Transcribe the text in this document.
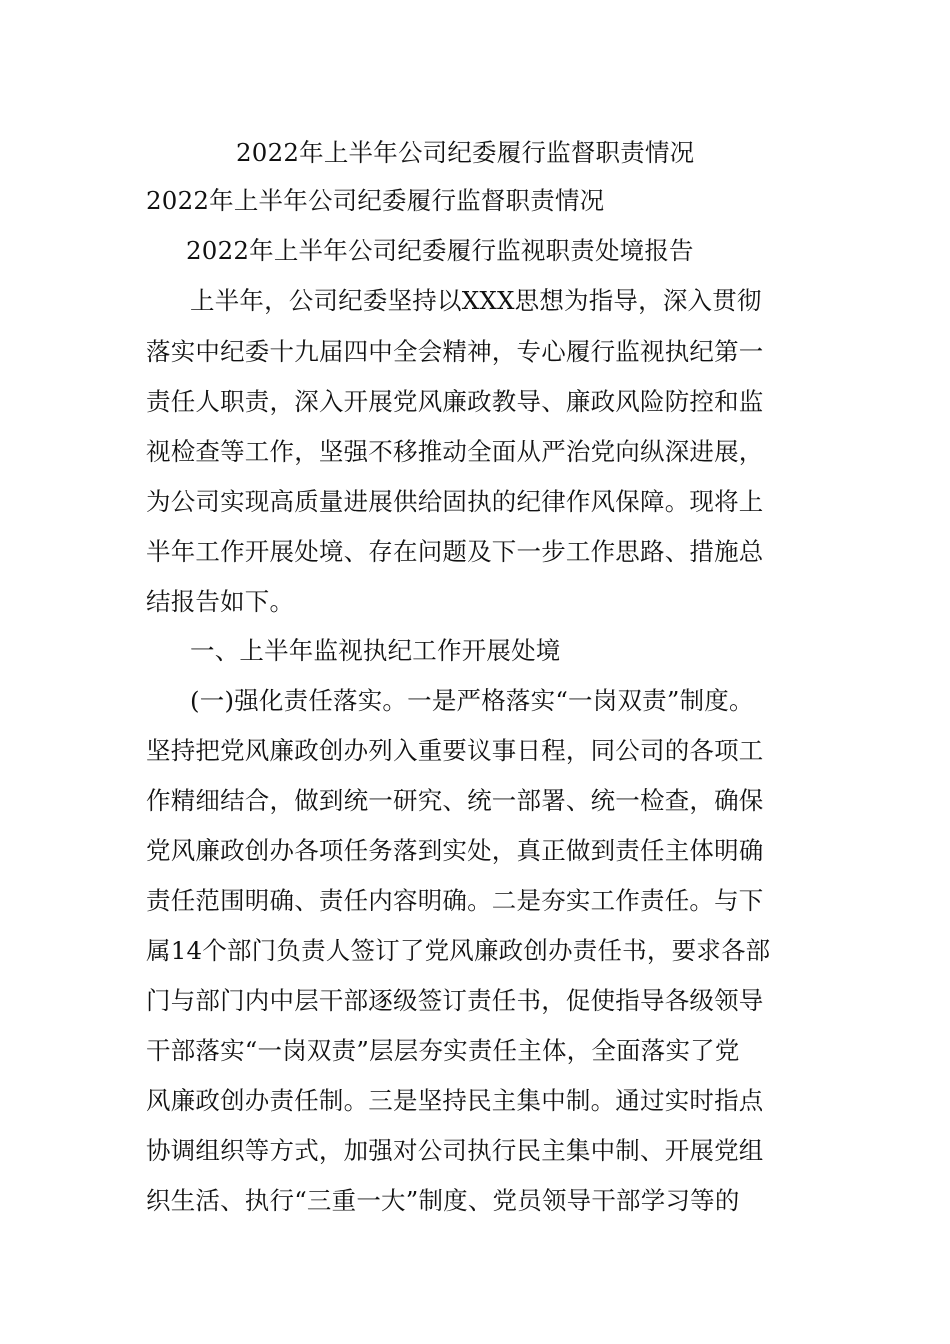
2022年上半年公司纪委履行监督职责情况
2022年上半年公司纪委履行监督职责情况
2022年上半年公司纪委履行监视职责处境报告
上半年，公司纪委坚持以XXX思想为指导，深入贯彻
落实中纪委十九届四中全会精神，专心履行监视执纪第一
责任人职责，深入开展党风廉政教导、廉政风险防控和监
视检查等工作，坚强不移推动全面从严治党向纵深进展，
为公司实现高质量进展供给固执的纪律作风保障。现将上
半年工作开展处境、存在问题及下一步工作思路、措施总
结报告如下。
一、上半年监视执纪工作开展处境
(一)强化责任落实。一是严格落实“一岗双责”制度。
坚持把党风廉政创办列入重要议事日程，同公司的各项工
作精细结合，做到统一研究、统一部署、统一检查，确保
党风廉政创办各项任务落到实处，真正做到责任主体明确
责任范围明确、责任内容明确。二是夯实工作责任。与下
属14个部门负责人签订了党风廉政创办责任书，要求各部
门与部门内中层干部逐级签订责任书，促使指导各级领导
干部落实“一岗双责”层层夯实责任主体，全面落实了党
风廉政创办责任制。三是坚持民主集中制。通过实时指点
协调组织等方式，加强对公司执行民主集中制、开展党组
织生活、执行“三重一大”制度、党员领导干部学习等的
